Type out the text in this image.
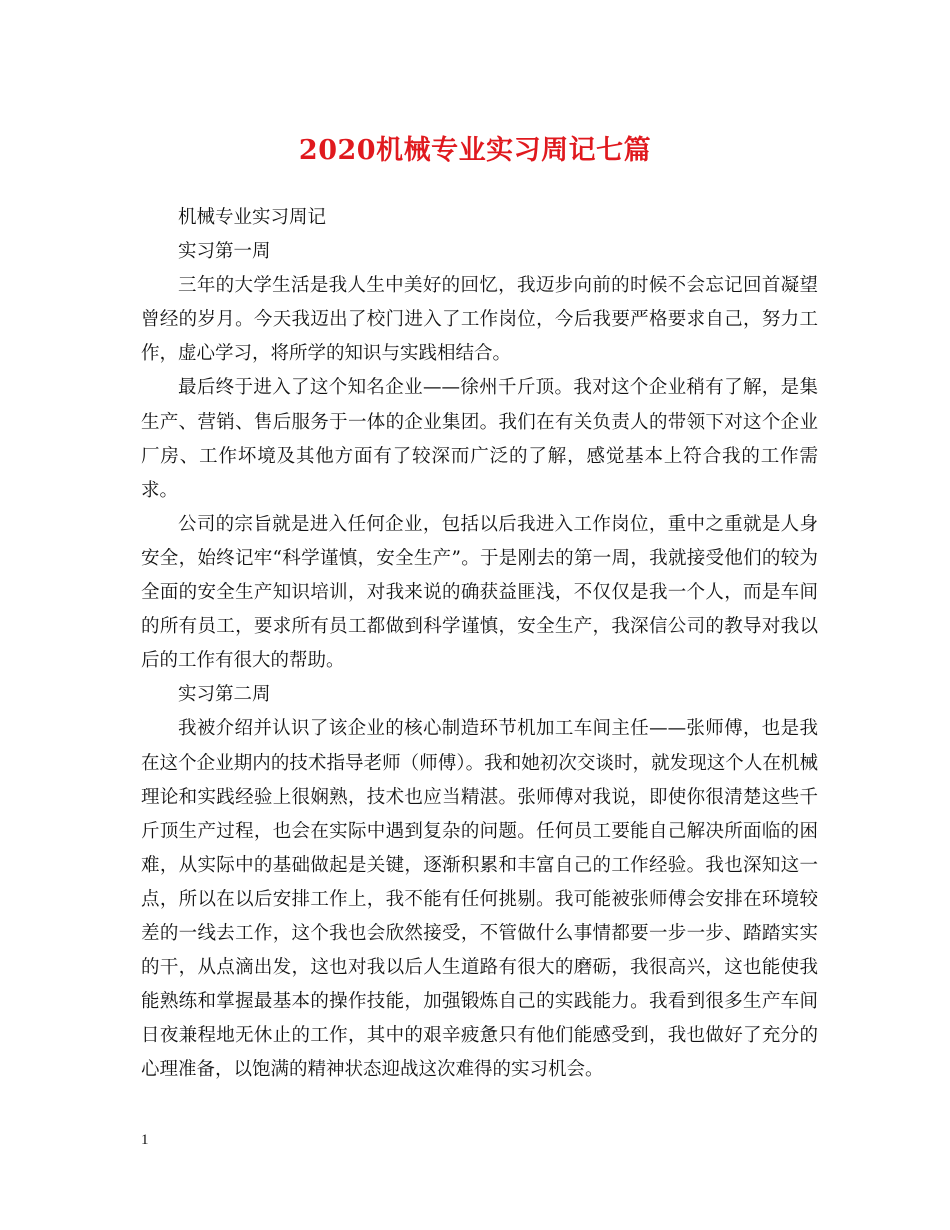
2020机械专业实习周记七篇

机械专业实习周记

实习第一周

三年的大学生活是我人生中美好的回忆，我迈步向前的时候不会忘记回首凝望曾经的岁月。今天我迈出了校门进入了工作岗位，今后我要严格要求自己，努力工作，虚心学习，将所学的知识与实践相结合。

最后终于进入了这个知名企业——徐州千斤顶。我对这个企业稍有了解，是集生产、营销、售后服务于一体的企业集团。我们在有关负责人的带领下对这个企业厂房、工作坏境及其他方面有了较深而广泛的了解，感觉基本上符合我的工作需求。

公司的宗旨就是进入任何企业，包括以后我进入工作岗位，重中之重就是人身安全，始终记牢“科学谨慎，安全生产”。于是刚去的第一周，我就接受他们的较为全面的安全生产知识培训，对我来说的确获益匪浅，不仅仅是我一个人，而是车间的所有员工，要求所有员工都做到科学谨慎，安全生产，我深信公司的教导对我以后的工作有很大的帮助。

实习第二周

我被介绍并认识了该企业的核心制造环节机加工车间主任——张师傅，也是我在这个企业期内的技术指导老师（师傅）。我和她初次交谈时，就发现这个人在机械理论和实践经验上很娴熟，技术也应当精湛。张师傅对我说，即使你很清楚这些千斤顶生产过程，也会在实际中遇到复杂的问题。任何员工要能自己解决所面临的困难，从实际中的基础做起是关键，逐渐积累和丰富自己的工作经验。我也深知这一点，所以在以后安排工作上，我不能有任何挑剔。我可能被张师傅会安排在环境较差的一线去工作，这个我也会欣然接受，不管做什么事情都要一步一步、踏踏实实的干，从点滴出发，这也对我以后人生道路有很大的磨砺，我很高兴，这也能使我能熟练和掌握最基本的操作技能，加强锻炼自己的实践能力。我看到很多生产车间日夜兼程地无休止的工作，其中的艰辛疲惫只有他们能感受到，我也做好了充分的心理准备，以饱满的精神状态迎战这次难得的实习机会。

1
